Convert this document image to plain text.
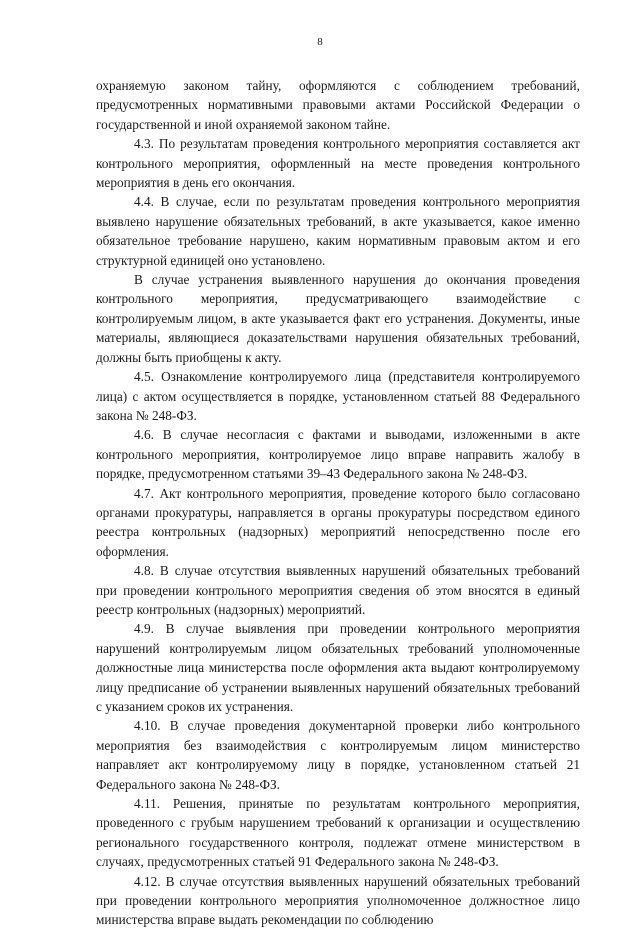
8

охраняемую законом тайну, оформляются с соблюдением требований, предусмотренных нормативными правовыми актами Российской Федерации о государственной и иной охраняемой законом тайне.

4.3. По результатам проведения контрольного мероприятия составляется акт контрольного мероприятия, оформленный на месте проведения контрольного мероприятия в день его окончания.

4.4. В случае, если по результатам проведения контрольного мероприятия выявлено нарушение обязательных требований, в акте указывается, какое именно обязательное требование нарушено, каким нормативным правовым актом и его структурной единицей оно установлено.

В случае устранения выявленного нарушения до окончания проведения контрольного мероприятия, предусматривающего взаимодействие с контролируемым лицом, в акте указывается факт его устранения. Документы, иные материалы, являющиеся доказательствами нарушения обязательных требований, должны быть приобщены к акту.

4.5. Ознакомление контролируемого лица (представителя контролируемого лица) с актом осуществляется в порядке, установленном статьей 88 Федерального закона № 248-ФЗ.

4.6. В случае несогласия с фактами и выводами, изложенными в акте контрольного мероприятия, контролируемое лицо вправе направить жалобу в порядке, предусмотренном статьями 39–43 Федерального закона № 248-ФЗ.

4.7. Акт контрольного мероприятия, проведение которого было согласовано органами прокуратуры, направляется в органы прокуратуры посредством единого реестра контрольных (надзорных) мероприятий непосредственно после его оформления.

4.8. В случае отсутствия выявленных нарушений обязательных требований при проведении контрольного мероприятия сведения об этом вносятся в единый реестр контрольных (надзорных) мероприятий.

4.9. В случае выявления при проведении контрольного мероприятия нарушений контролируемым лицом обязательных требований уполномоченные должностные лица министерства после оформления акта выдают контролируемому лицу предписание об устранении выявленных нарушений обязательных требований с указанием сроков их устранения.

4.10. В случае проведения документарной проверки либо контрольного мероприятия без взаимодействия с контролируемым лицом министерство направляет акт контролируемому лицу в порядке, установленном статьей 21 Федерального закона № 248-ФЗ.

4.11. Решения, принятые по результатам контрольного мероприятия, проведенного с грубым нарушением требований к организации и осуществлению регионального государственного контроля, подлежат отмене министерством в случаях, предусмотренных статьей 91 Федерального закона № 248-ФЗ.

4.12. В случае отсутствия выявленных нарушений обязательных требований при проведении контрольного мероприятия уполномоченное должностное лицо министерства вправе выдать рекомендации по соблюдению
